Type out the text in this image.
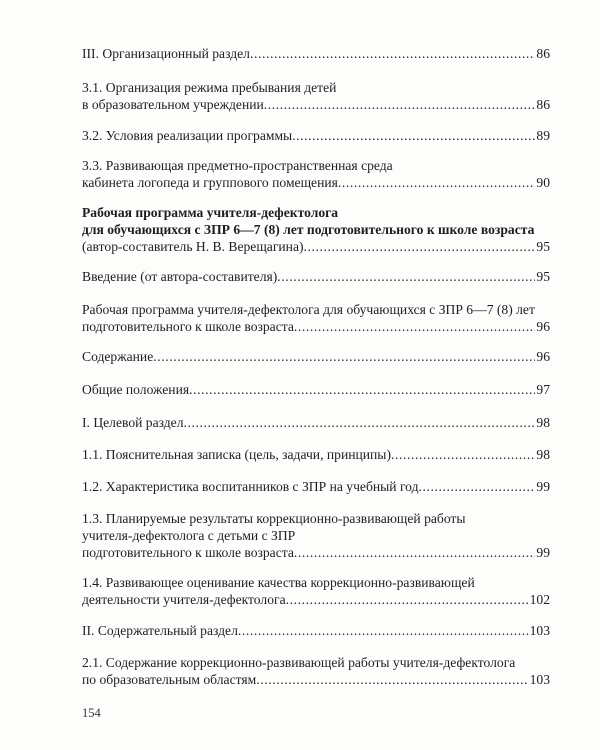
III. Организационный раздел .....	86
3.1. Организация режима пребывания детей
в образовательном учреждении .....	86
3.2. Условия реализации программы .....	89
3.3. Развивающая предметно-пространственная среда
кабинета логопеда и группового помещения .....	90
Рабочая программа учителя-дефектолога
для обучающихся с ЗПР 6—7 (8) лет подготовительного к школе возраста
(автор-составитель Н. В. Верещагина) .....	95
Введение (от автора-составителя) .....	95
Рабочая программа учителя-дефектолога для обучающихся с ЗПР 6—7 (8) лет
подготовительного к школе возраста .....	96
Содержание .....	96
Общие положения .....	97
I. Целевой раздел .....	98
1.1. Пояснительная записка (цель, задачи, принципы) .....	98
1.2. Характеристика воспитанников с ЗПР на учебный год .....	99
1.3. Планируемые результаты коррекционно-развивающей работы
учителя-дефектолога с детьми с ЗПР
подготовительного к школе возраста .....	99
1.4. Развивающее оценивание качества коррекционно-развивающей
деятельности учителя-дефектолога .....	102
II. Содержательный раздел .....	103
2.1. Содержание коррекционно-развивающей работы учителя-дефектолога
по образовательным областям .....	103
154
